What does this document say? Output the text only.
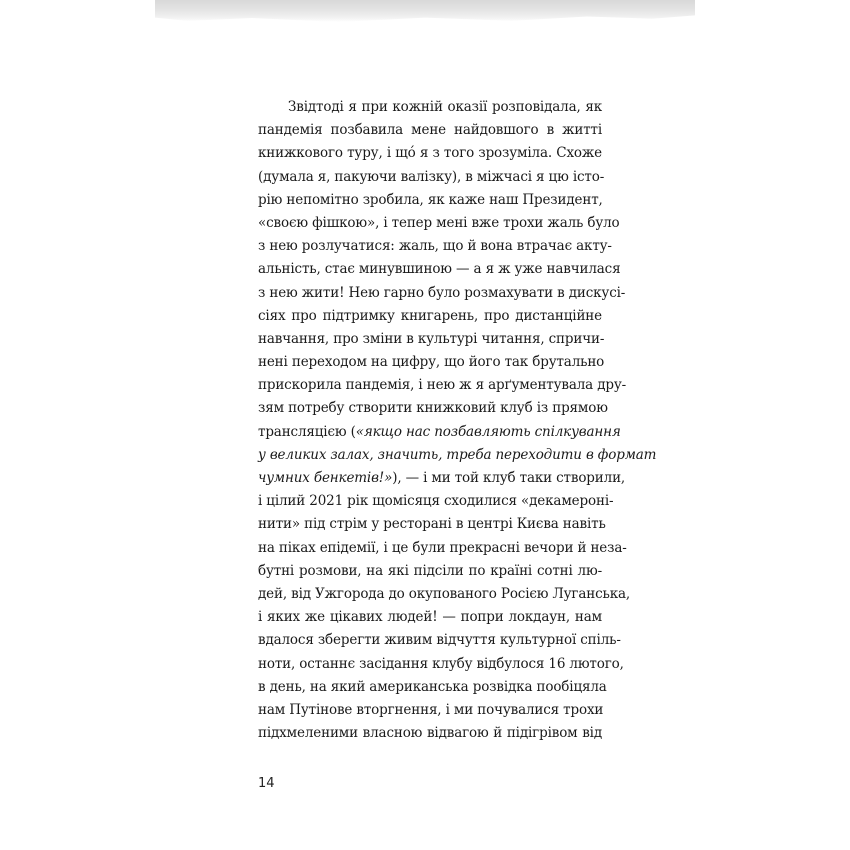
Звідтоді я при кожній оказії розповідала, як
пандемія позбавила мене найдовшого в житті
книжкового туру, і щó я з того зрозуміла. Схоже
(думала я, пакуючи валізку), в міжчасі я цю істо-
рію непомітно зробила, як каже наш Президент,
«своєю фішкою», і тепер мені вже трохи жаль було
з нею розлучатися: жаль, що й вона втрачає акту-
альність, стає минувшиною — а я ж уже навчилася
з нею жити! Нею гарно було розмахувати в дискусі-
сіях про підтримку книгарень, про дистанційне
навчання, про зміни в культурі читання, спричи-
нені переходом на цифру, що його так брутально
прискорила пандемія, і нею ж я арґументувала дру-
зям потребу створити книжковий клуб із прямою
трансляцією («якщо нас позбавляють спілкування
у великих залах, значить, треба переходити в формат
чумних бенкетів!»), — і ми той клуб таки створили,
і цілий 2021 рік щомісяця сходилися «декамероні-
нити» під стрім у ресторані в центрі Києва навіть
на піках епідемії, і це були прекрасні вечори й неза-
бутні розмови, на які підсіли по країні сотні лю-
дей, від Ужгорода до окупованого Росією Луганська,
і яких же цікавих людей! — попри локдаун, нам
вдалося зберегти живим відчуття культурної спіль-
ноти, останнє засідання клубу відбулося 16 лютого,
в день, на який американська розвідка пообіцяла
нам Путінове вторгнення, і ми почувалися трохи
підхмеленими власною відвагою й підігрівом від
14
